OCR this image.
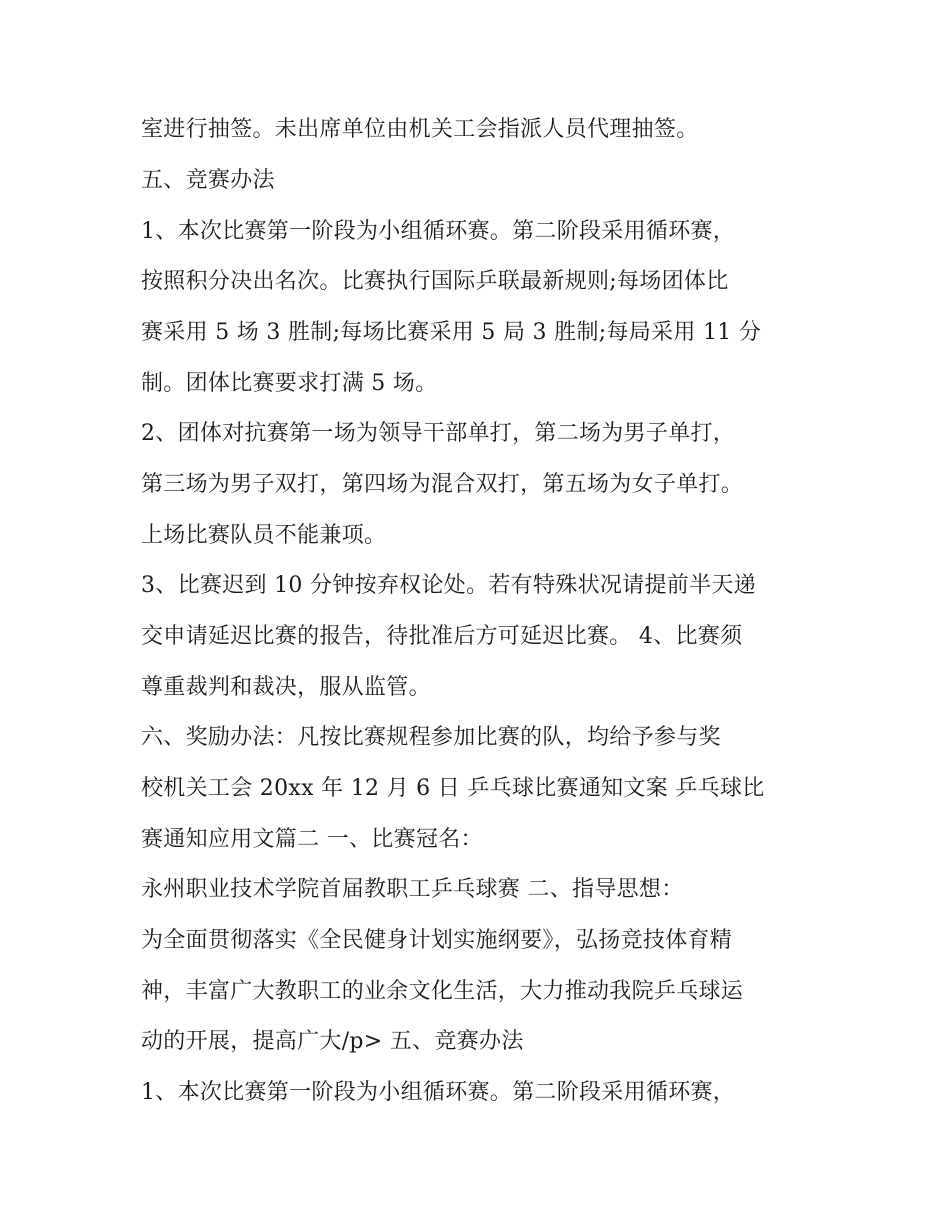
室进行抽签。未出席单位由机关工会指派人员代理抽签。
五、竞赛办法
1、本次比赛第一阶段为小组循环赛。第二阶段采用循环赛，
按照积分决出名次。比赛执行国际乒联最新规则;每场团体比
赛采用 5 场 3 胜制;每场比赛采用 5 局 3 胜制;每局采用 11 分
制。团体比赛要求打满 5 场。
2、团体对抗赛第一场为领导干部单打，第二场为男子单打，
第三场为男子双打，第四场为混合双打，第五场为女子单打。
上场比赛队员不能兼项。
3、比赛迟到 10 分钟按弃权论处。若有特殊状况请提前半天递
交申请延迟比赛的报告，待批准后方可延迟比赛。 4、比赛须
尊重裁判和裁决，服从监管。
六、奖励办法：凡按比赛规程参加比赛的队，均给予参与奖
校机关工会 20xx 年 12 月 6 日 乒乓球比赛通知文案 乒乓球比
赛通知应用文篇二 一、比赛冠名：
永州职业技术学院首届教职工乒乓球赛 二、指导思想：
为全面贯彻落实《全民健身计划实施纲要》，弘扬竞技体育精
神，丰富广大教职工的业余文化生活，大力推动我院乒乓球运
动的开展，提高广大/p> 五、竞赛办法
1、本次比赛第一阶段为小组循环赛。第二阶段采用循环赛，
